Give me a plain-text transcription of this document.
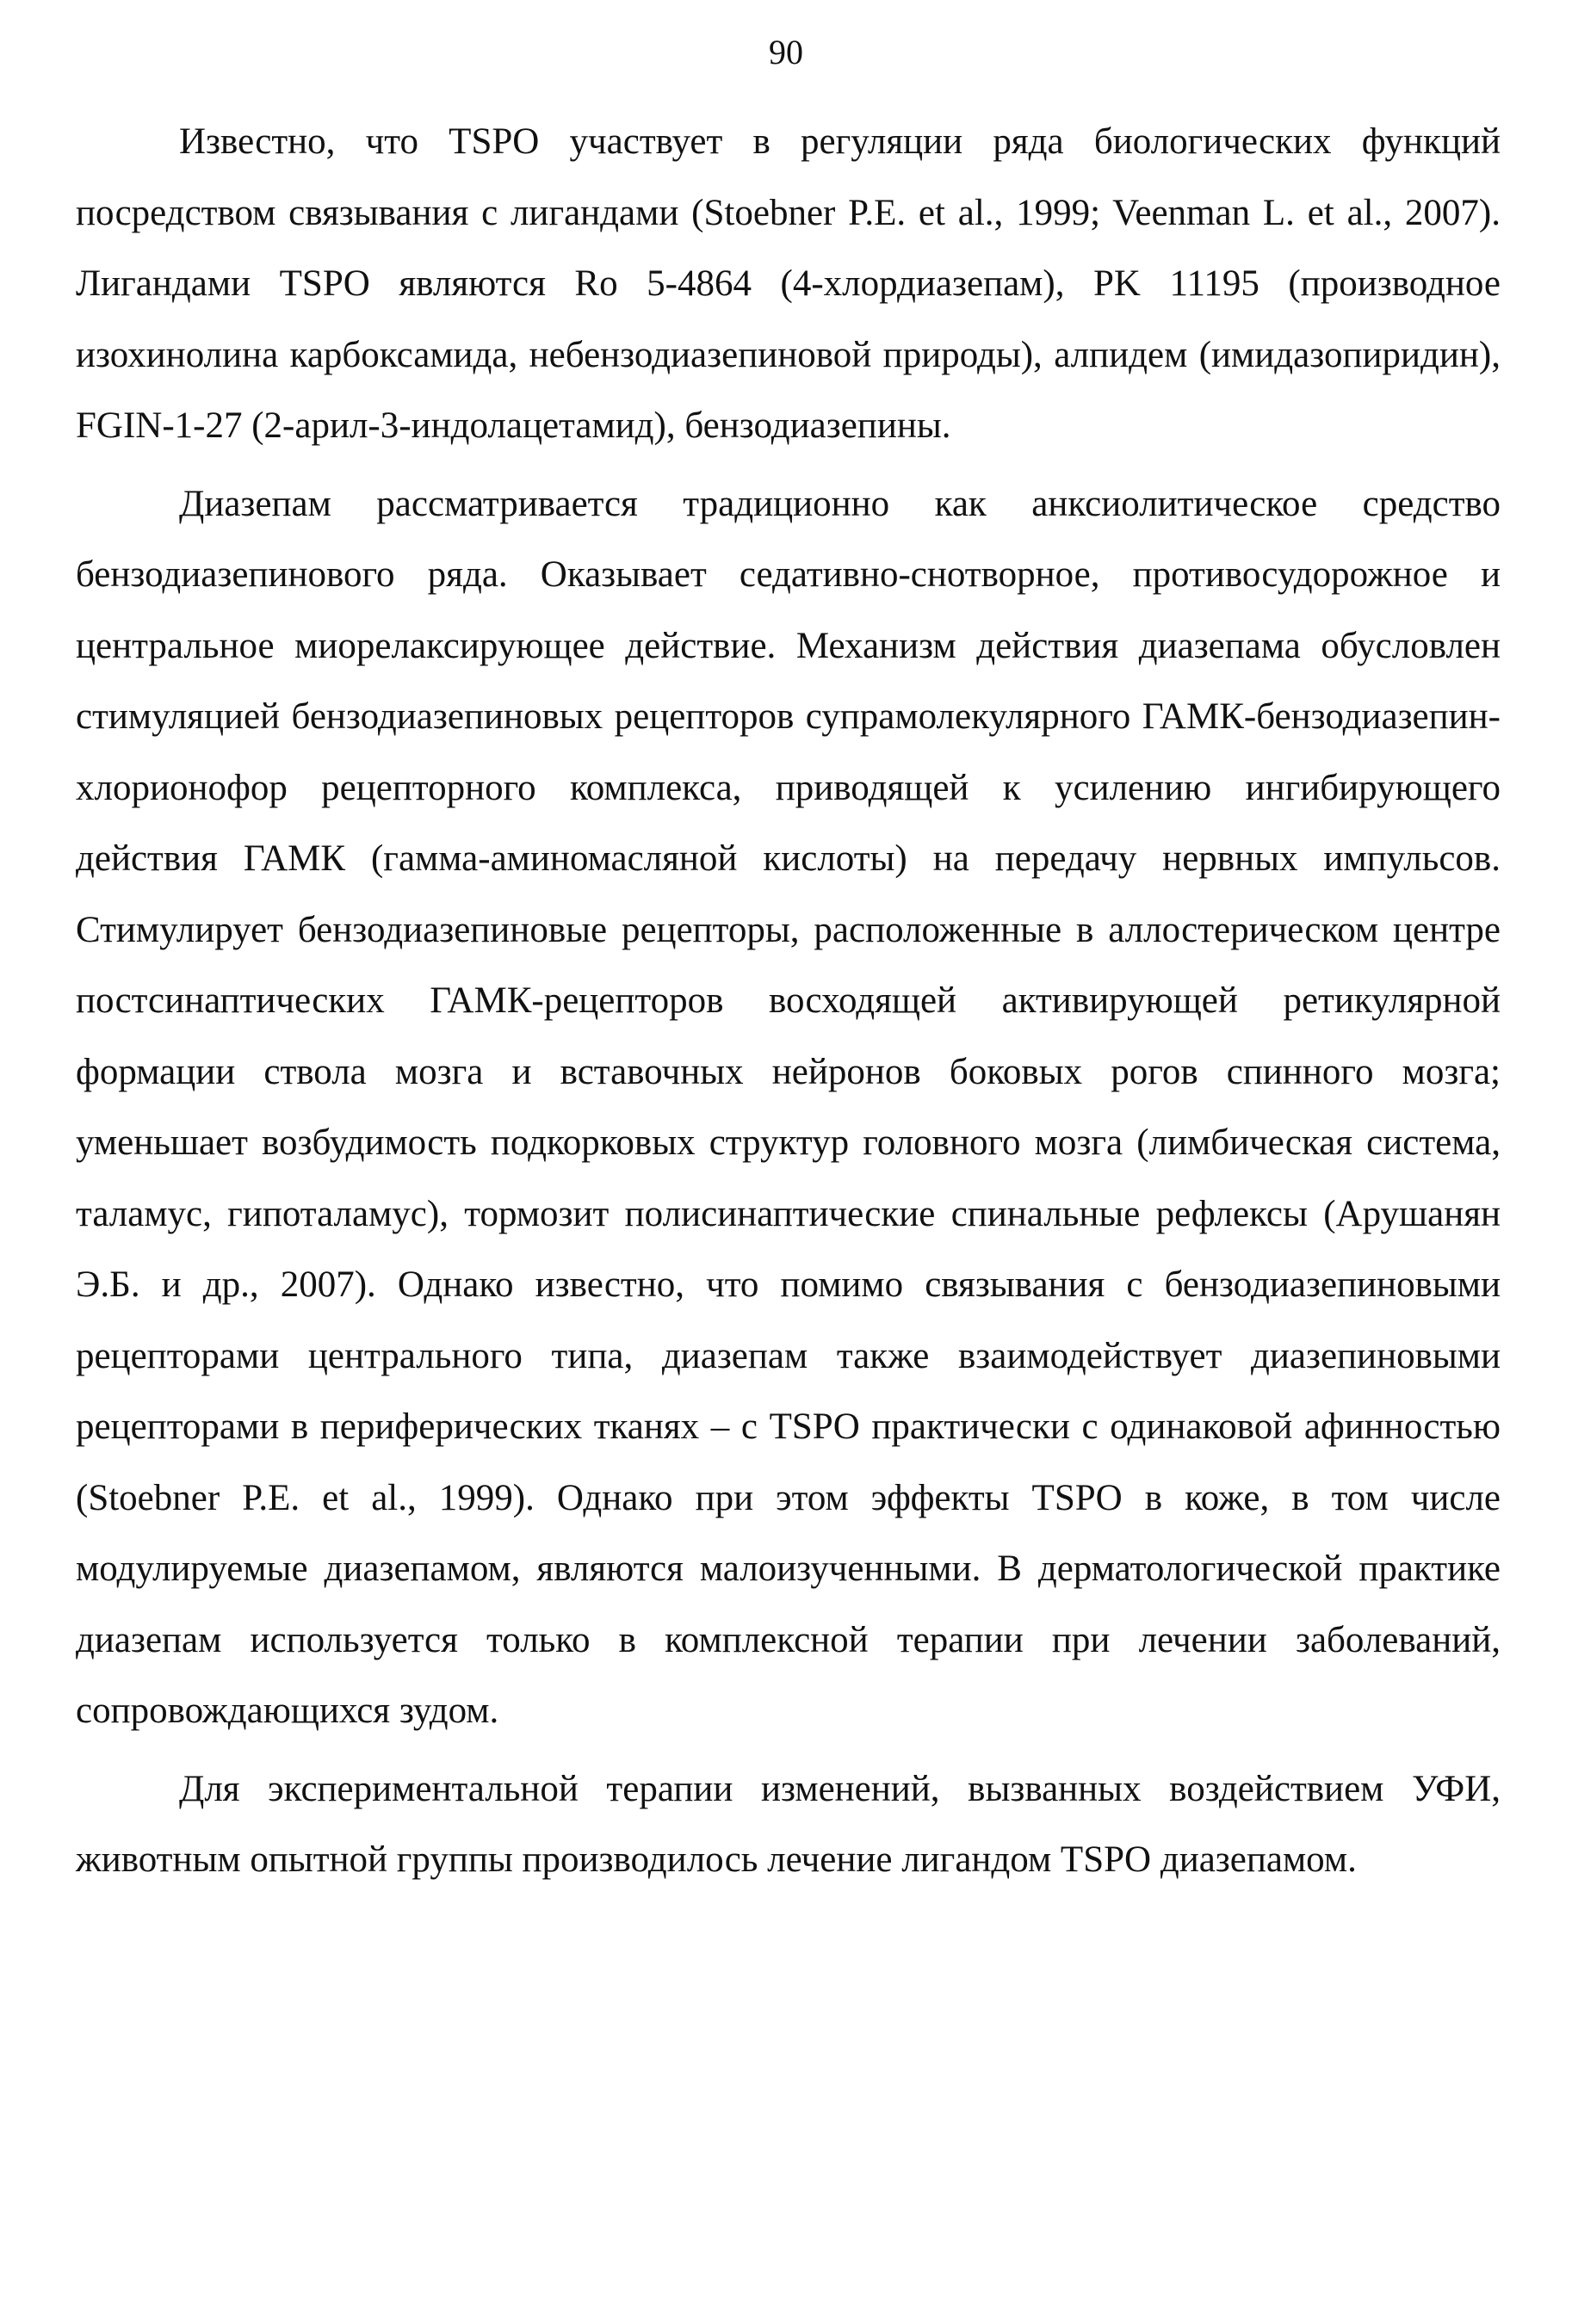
90

Известно, что TSPO участвует в регуляции ряда биологических функций посредством связывания с лигандами (Stoebner P.E. et al., 1999; Veenman L. et al., 2007). Лигандами TSPO являются Ro 5-4864 (4-хлордиазепам), PK 11195 (производное изохинолина карбоксамида, небензодиазепиновой природы), алпидем (имидазопиридин), FGIN-1-27 (2-арил-3-индолацетамид), бензодиазепины.

Диазепам рассматривается традиционно как анксиолитическое средство бензодиазепинового ряда. Оказывает седативно-снотворное, противосудорожное и центральное миорелаксирующее действие. Механизм действия диазепама обусловлен стимуляцией бензодиазепиновых рецепторов супрамолекулярного ГАМК-бензодиазепин-хлорионофор рецепторного комплекса, приводящей к усилению ингибирующего действия ГАМК (гамма-аминомасляной кислоты) на передачу нервных импульсов. Стимулирует бензодиазепиновые рецепторы, расположенные в аллостерическом центре постсинаптических ГАМК-рецепторов восходящей активирующей ретикулярной формации ствола мозга и вставочных нейронов боковых рогов спинного мозга; уменьшает возбудимость подкорковых структур головного мозга (лимбическая система, таламус, гипоталамус), тормозит полисинаптические спинальные рефлексы (Арушанян Э.Б. и др., 2007). Однако известно, что помимо связывания с бензодиазепиновыми рецепторами центрального типа, диазепам также взаимодействует диазепиновыми рецепторами в периферических тканях – с TSPO практически с одинаковой афинностью (Stoebner P.E. et al., 1999). Однако при этом эффекты TSPO в коже, в том числе модулируемые диазепамом, являются малоизученными. В дерматологической практике диазепам используется только в комплексной терапии при лечении заболеваний, сопровождающихся зудом.

Для экспериментальной терапии изменений, вызванных воздействием УФИ, животным опытной группы производилось лечение лигандом TSPO диазепамом.
